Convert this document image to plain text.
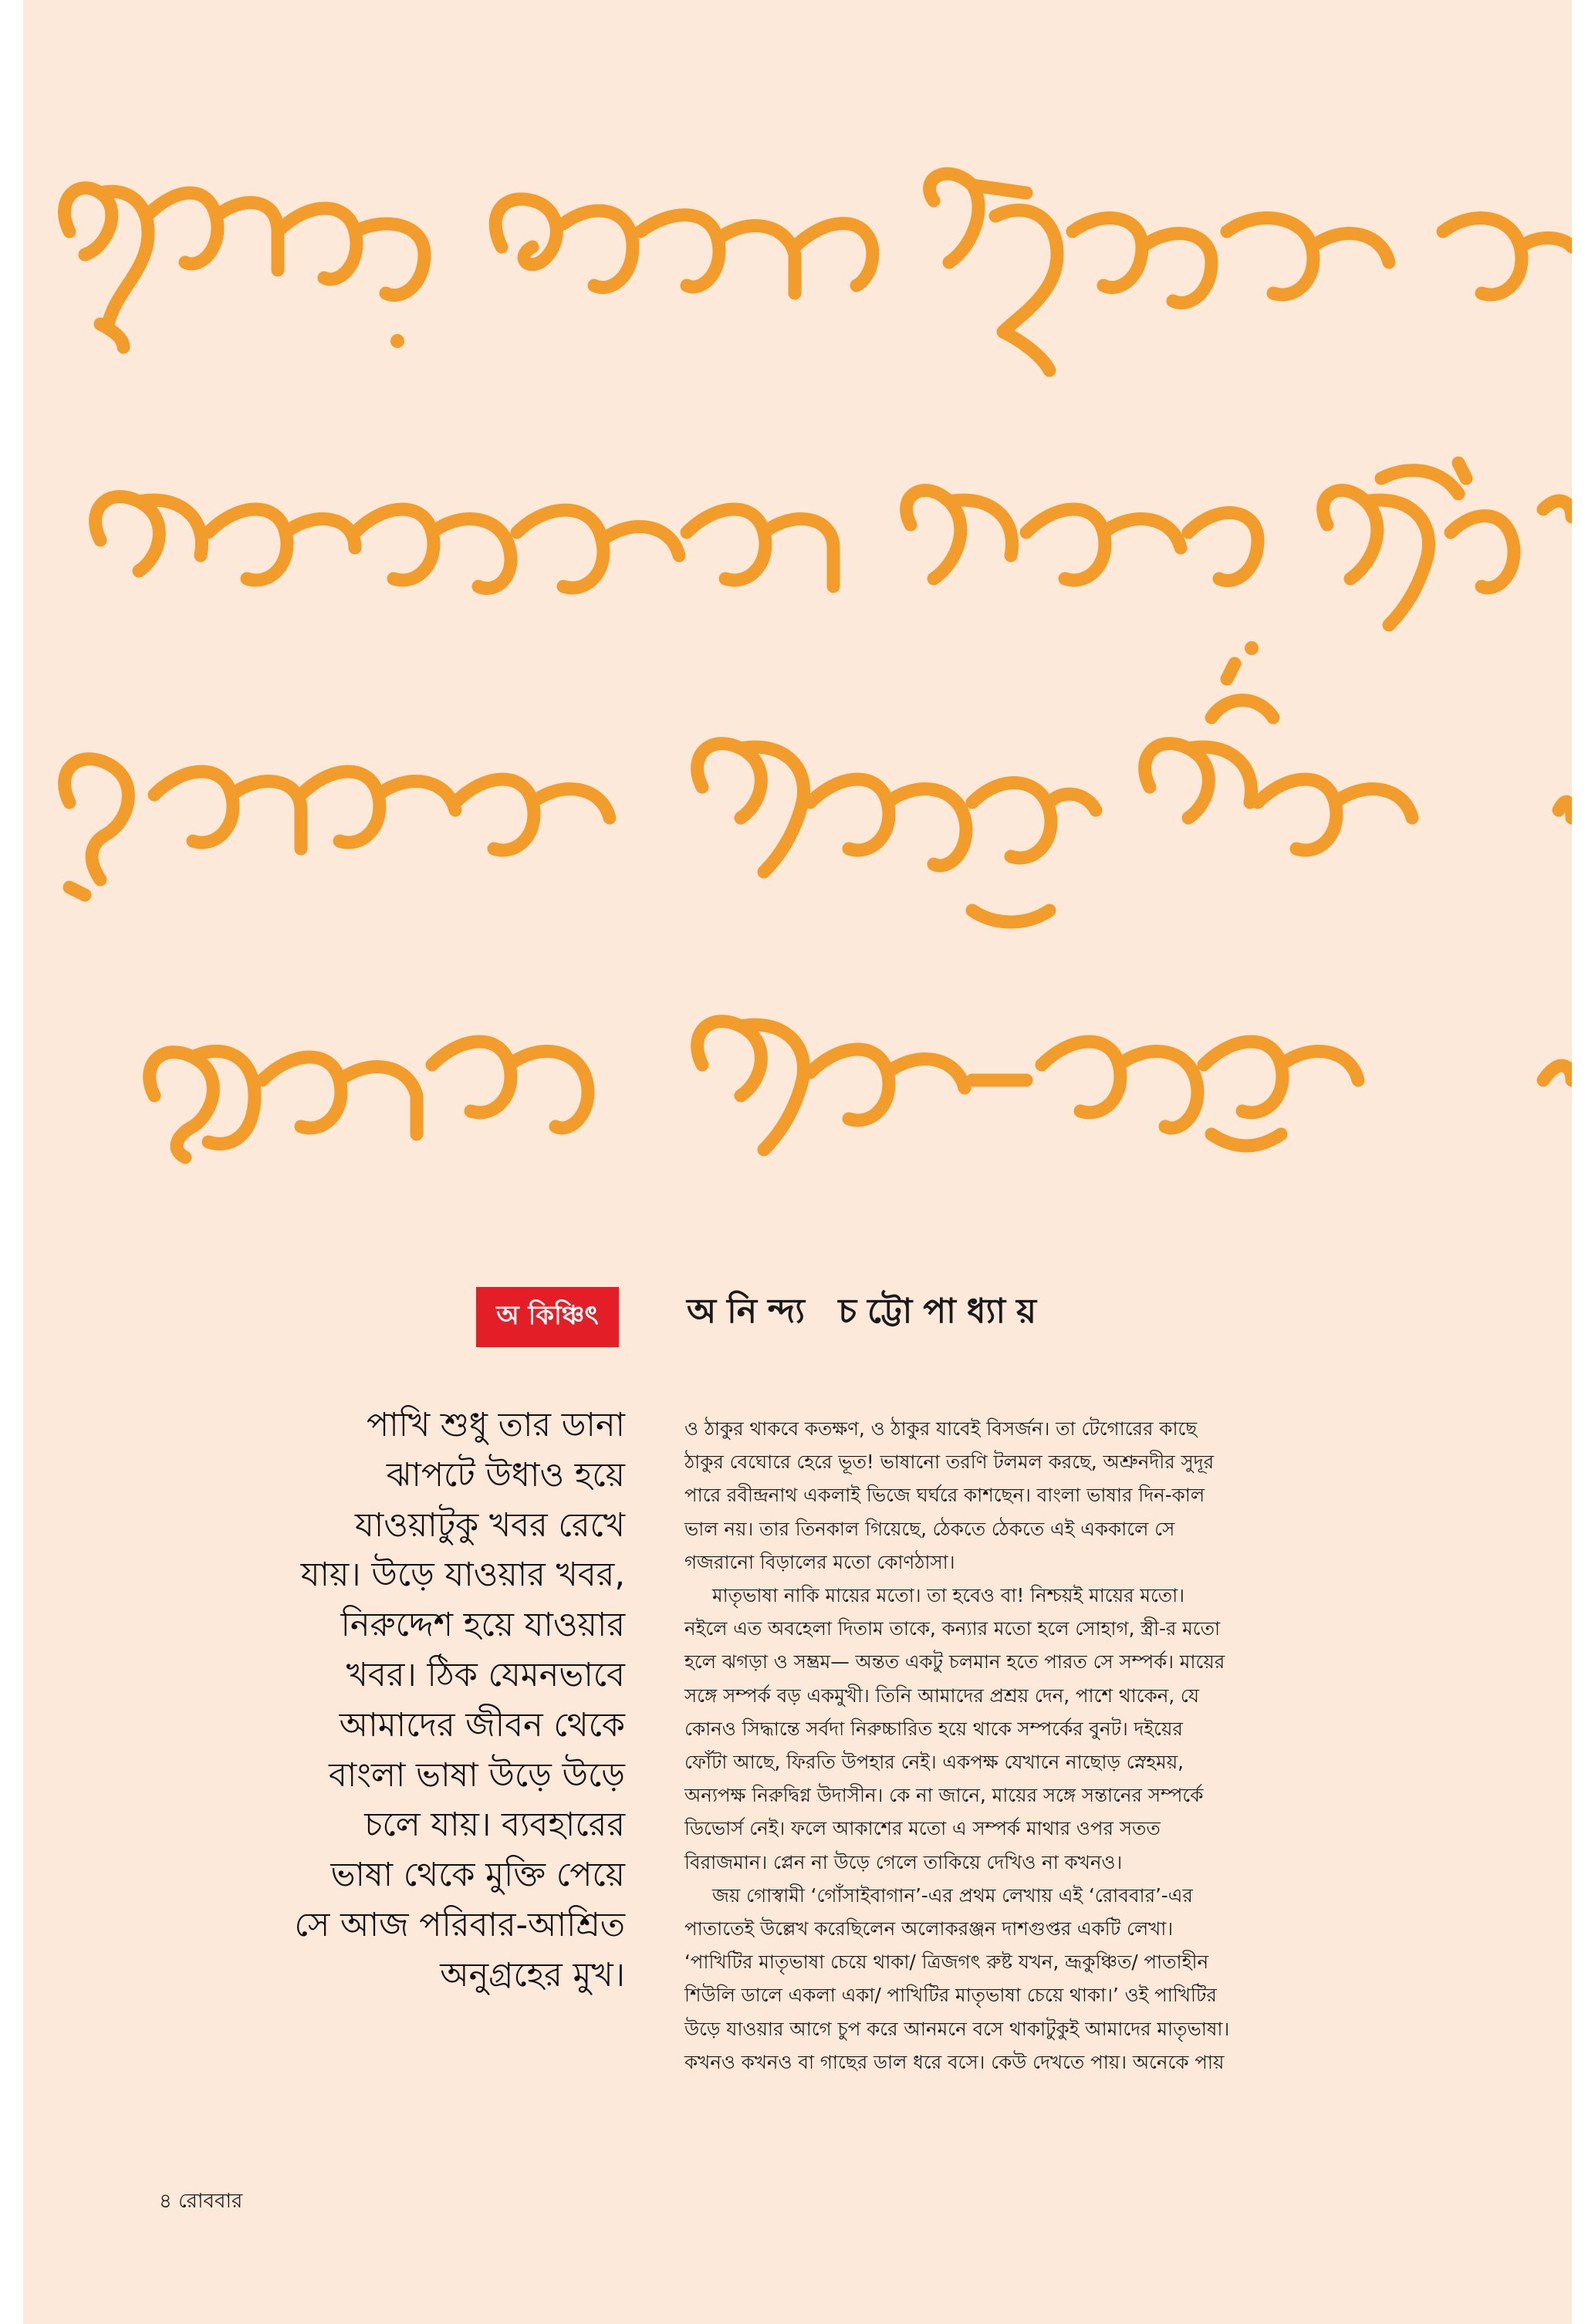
অ কিঞ্চিৎ	অনিন্দ্য চট্টোপাধ্যায়
পাখি শুধু তার ডানা
ঝাপটে উধাও হয়ে
যাওয়াটুকু খবর রেখে
যায়। উড়ে যাওয়ার খবর,
নিরুদ্দেশ হয়ে যাওয়ার
খবর। ঠিক যেমনভাবে
আমাদের জীবন থেকে
বাংলা ভাষা উড়ে উড়ে
চলে যায়। ব্যবহারের
ভাষা থেকে মুক্তি পেয়ে
সে আজ পরিবার-আশ্রিত
অনুগ্রহের মুখ।
ও ঠাকুর থাকবে কতক্ষণ, ও ঠাকুর যাবেই বিসর্জন। তা টেগোরের কাছে
ঠাকুর বেঘোরে হেরে ভূত! ভাষানো তরণি টলমল করছে, অশ্রুনদীর সুদূর
পারে রবীন্দ্রনাথ একলাই ভিজে ঘর্ঘরে কাশছেন। বাংলা ভাষার দিন-কাল
ভাল নয়। তার তিনকাল গিয়েছে, ঠেকতে ঠেকতে এই এককালে সে
গজরানো বিড়ালের মতো কোণঠাসা।
মাতৃভাষা নাকি মায়ের মতো। তা হবেও বা! নিশ্চয়ই মায়ের মতো।
নইলে এত অবহেলা দিতাম তাকে, কন্যার মতো হলে সোহাগ, স্ত্রী-র মতো
হলে ঝগড়া ও সম্ভ্রম— অন্তত একটু চলমান হতে পারত সে সম্পর্ক। মায়ের
সঙ্গে সম্পর্ক বড় একমুখী। তিনি আমাদের প্রশ্রয় দেন, পাশে থাকেন, যে
কোনও সিদ্ধান্তে সর্বদা নিরুচ্চারিত হয়ে থাকে সম্পর্কের বুনট। দইয়ের
ফোঁটা আছে, ফিরতি উপহার নেই। একপক্ষ যেখানে নাছোড় স্নেহময়,
অন্যপক্ষ নিরুদ্বিগ্ন উদাসীন। কে না জানে, মায়ের সঙ্গে সন্তানের সম্পর্কে
ডিভোর্স নেই। ফলে আকাশের মতো এ সম্পর্ক মাথার ওপর সতত
বিরাজমান। প্লেন না উড়ে গেলে তাকিয়ে দেখিও না কখনও।
জয় গোস্বামী ‘গোঁসাইবাগান’-এর প্রথম লেখায় এই ‘রোববার’-এর
পাতাতেই উল্লেখ করেছিলেন অলোকরঞ্জন দাশগুপ্তর একটি লেখা।
‘পাখিটির মাতৃভাষা চেয়ে থাকা/ ত্রিজগৎ রুষ্ট যখন, ভ্রূকুঞ্চিত/ পাতাহীন
শিউলি ডালে একলা একা/ পাখিটির মাতৃভাষা চেয়ে থাকা।’ ওই পাখিটির
উড়ে যাওয়ার আগে চুপ করে আনমনে বসে থাকাটুকুই আমাদের মাতৃভাষা।
কখনও কখনও বা গাছের ডাল ধরে বসে। কেউ দেখতে পায়। অনেকে পায়
৪ রোববার
